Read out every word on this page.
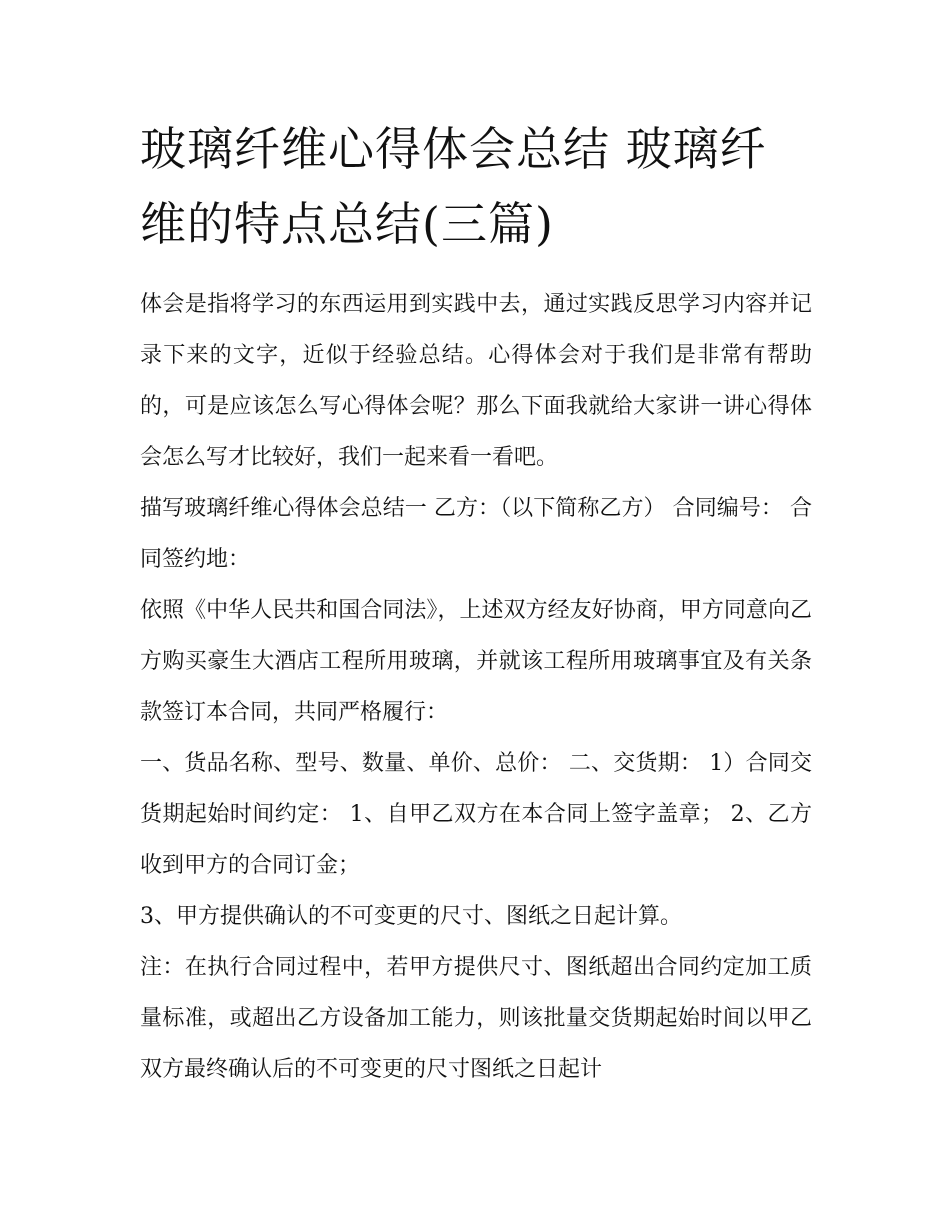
玻璃纤维心得体会总结 玻璃纤维的特点总结(三篇)

体会是指将学习的东西运用到实践中去，通过实践反思学习内容并记录下来的文字，近似于经验总结。心得体会对于我们是非常有帮助的，可是应该怎么写心得体会呢？那么下面我就给大家讲一讲心得体会怎么写才比较好，我们一起来看一看吧。

描写玻璃纤维心得体会总结一 乙方：（以下简称乙方） 合同编号： 合同签约地：

依照《中华人民共和国合同法》，上述双方经友好协商，甲方同意向乙方购买豪生大酒店工程所用玻璃，并就该工程所用玻璃事宜及有关条款签订本合同，共同严格履行：

一、货品名称、型号、数量、单价、总价： 二、交货期： 1）合同交货期起始时间约定： 1、自甲乙双方在本合同上签字盖章； 2、乙方收到甲方的合同订金；

3、甲方提供确认的不可变更的尺寸、图纸之日起计算。

注：在执行合同过程中，若甲方提供尺寸、图纸超出合同约定加工质量标准，或超出乙方设备加工能力，则该批量交货期起始时间以甲乙双方最终确认后的不可变更的尺寸图纸之日起计
